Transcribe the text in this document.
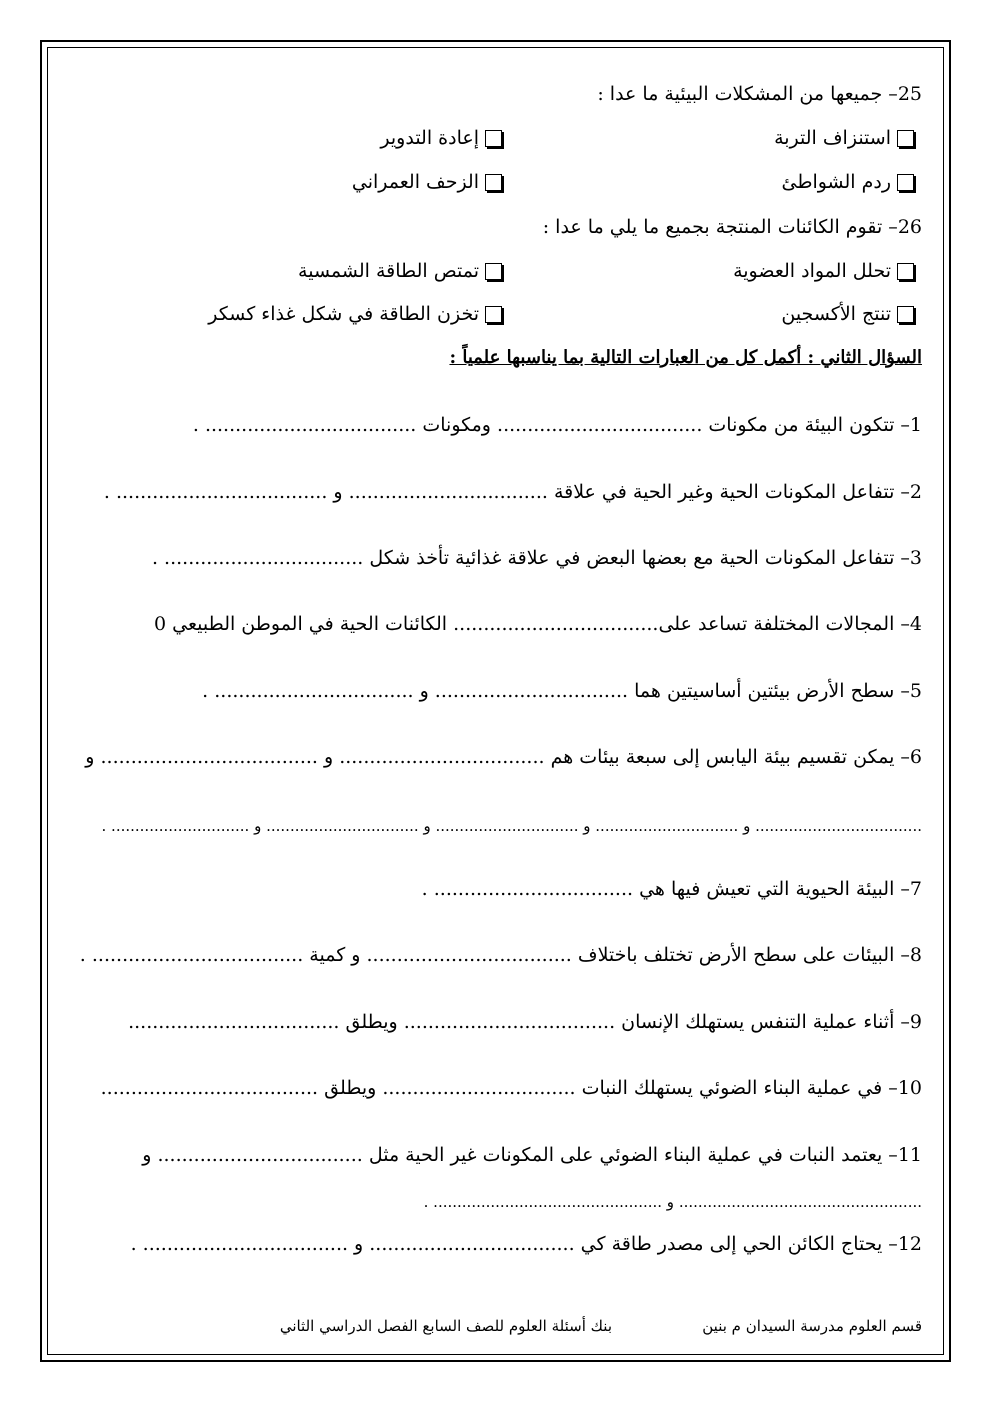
25– جميعها من المشكلات البيئية ما عدا :
استنزاف التربة
إعادة التدوير
ردم الشواطئ
الزحف العمراني
26– تقوم الكائنات المنتجة بجميع ما يلي ما عدا :
تحلل المواد العضوية
تمتص الطاقة الشمسية
تنتج الأكسجين
تخزن الطاقة في شكل غذاء كسكر
السؤال الثاني : أكمل كل من العبارات التالية بما يناسبها علمياً :
1– تتكون البيئة من مكونات .................................. ومكونات ................................... .
2– تتفاعل المكونات الحية وغير الحية في علاقة ................................. و ................................... .
3– تتفاعل المكونات الحية مع بعضها البعض في علاقة غذائية تأخذ شكل ................................. .
4– المجالات المختلفة تساعد على.................................. الكائنات الحية في الموطن الطبيعي 0
5– سطح الأرض بيئتين أساسيتين هما ................................ و ................................. .
6– يمكن تقسيم بيئة اليابس إلى سبعة بيئات هم .................................. و .................................... و
................................... و .............................. و .............................. و ................................ و ............................. .
7– البيئة الحيوية التي تعيش فيها هي ................................. .
8– البيئات على سطح الأرض تختلف باختلاف .................................. و كمية ................................... .
9– أثناء عملية التنفس يستهلك الإنسان ................................... ويطلق ...................................
10– في عملية البناء الضوئي يستهلك النبات ................................ ويطلق ....................................
11– يعتمد النبات في عملية البناء الضوئي على المكونات غير الحية مثل .................................. و
................................................... و ................................................ .
12– يحتاج الكائن الحي إلى مصدر طاقة كي .................................. و .................................. .
قسم العلوم مدرسة السيدان م بنين
بنك أسئلة العلوم للصف السابع الفصل الدراسي الثاني
